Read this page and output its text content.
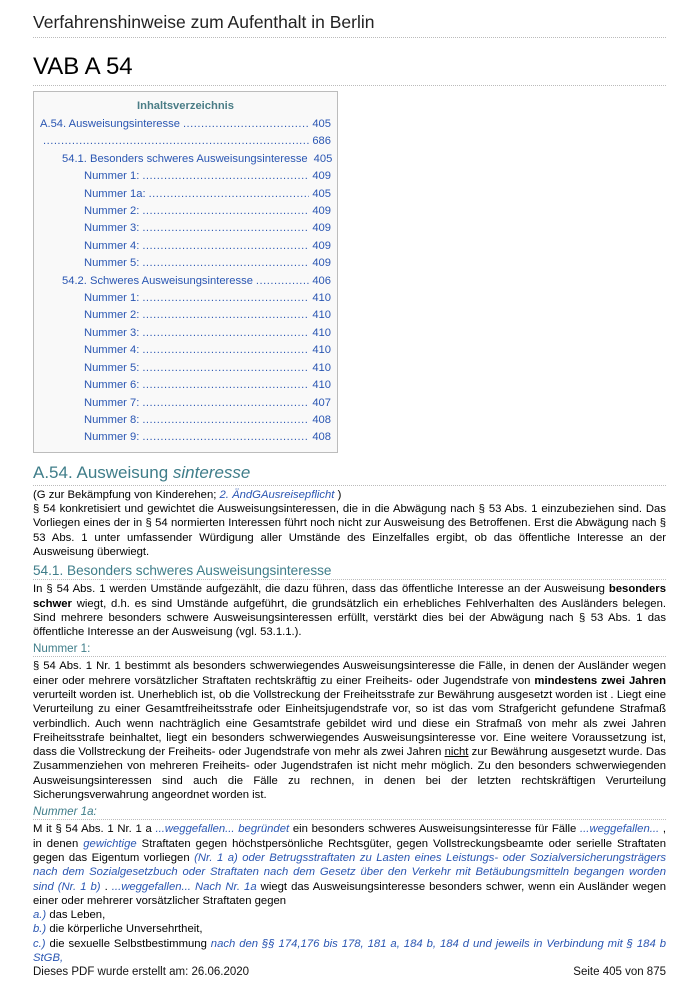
Verfahrenshinweise zum Aufenthalt in Berlin
VAB A 54
Inhaltsverzeichnis
A.54. Ausweisungsinteresse .....	405
.....
686
54.1. Besonders schweres Ausweisungsinteresse 405
Nummer 1: .....	409
Nummer 1a: .....	405
Nummer 2: .....	409
Nummer 3: .....	409
Nummer 4: .....	409
Nummer 5: .....	409
54.2. Schweres Ausweisungsinteresse .....	406
Nummer 1: .....	410
Nummer 2: .....	410
Nummer 3: .....	410
Nummer 4: .....	410
Nummer 5: .....	410
Nummer 6: .....	410
Nummer 7: .....	407
Nummer 8: .....	408
Nummer 9: .....	408
A.54. Ausweisung sinteresse

(G zur Bekämpfung von Kinderehen; 2. ÄndGAusreisepflicht )

§ 54 konkretisiert und gewichtet die Ausweisungsinteressen, die in die Abwägung nach § 53 Abs. 1 einzubeziehen sind. Das Vorliegen eines der in § 54 normierten Interessen führt noch nicht zur Ausweisung des Betroffenen. Erst die Abwägung nach § 53 Abs. 1 unter umfassender Würdigung aller Umstände des Einzelfalles ergibt, ob das öffentliche Interesse an der Ausweisung überwiegt.

54.1. Besonders schweres Ausweisungsinteresse

In § 54 Abs. 1 werden Umstände aufgezählt, die dazu führen, dass das öffentliche Interesse an der Ausweisung besonders schwer wiegt, d.h. es sind Umstände aufgeführt, die grundsätzlich ein erhebliches Fehlverhalten des Ausländers belegen. Sind mehrere besonders schwere Ausweisungsinteressen erfüllt, verstärkt dies bei der Abwägung nach § 53 Abs. 1 das öffentliche Interesse an der Ausweisung (vgl. 53.1.1.).

Nummer 1:

§ 54 Abs. 1 Nr. 1 bestimmt als besonders schwerwiegendes Ausweisungsinteresse die Fälle, in denen der Ausländer wegen einer oder mehrere vorsätzlicher Straftaten rechtskräftig zu einer Freiheits- oder Jugendstrafe von mindestens zwei Jahren verurteilt worden ist. Unerheblich ist, ob die Vollstreckung der Freiheitsstrafe zur Bewährung ausgesetzt worden ist . Liegt eine Verurteilung zu einer Gesamtfreiheitsstrafe oder Einheitsjugendstrafe vor, so ist das vom Strafgericht gefundene Strafmaß verbindlich. Auch wenn nachträglich eine Gesamtstrafe gebildet wird und diese ein Strafmaß von mehr als zwei Jahren Freiheitsstrafe beinhaltet, liegt ein besonders schwerwiegendes Ausweisungsinteresse vor. Eine weitere Voraussetzung ist, dass die Vollstreckung der Freiheits- oder Jugendstrafe von mehr als zwei Jahren nicht zur Bewährung ausgesetzt wurde. Das Zusammenziehen von mehreren Freiheits- oder Jugendstrafen ist nicht mehr möglich. Zu den besonders schwerwiegenden Ausweisungsinteressen sind auch die Fälle zu rechnen, in denen bei der letzten rechtskräftigen Verurteilung Sicherungsverwahrung angeordnet worden ist.

Nummer 1a:

M it § 54 Abs. 1 Nr. 1 a ...weggefallen... begründet ein besonders schweres Ausweisungsinteresse für Fälle ...weggefallen... , in denen gewichtige Straftaten gegen höchstpersönliche Rechtsgüter, gegen Vollstreckungsbeamte oder serielle Straftaten gegen das Eigentum vorliegen (Nr. 1 a) oder Betrugsstraftaten zu Lasten eines Leistungs- oder Sozialversicherungsträgers nach dem Sozialgesetzbuch oder Straftaten nach dem Gesetz über den Verkehr mit Betäubungsmitteln begangen worden sind (Nr. 1 b) . ...weggefallen... Nach Nr. 1a wiegt das Ausweisungsinteresse besonders schwer, wenn ein Ausländer wegen einer oder mehrerer vorsätzlicher Straftaten gegen

a.) das Leben,
b.) die körperliche Unversehrtheit,

c.) die sexuelle Selbstbestimmung nach den §§ 174,176 bis 178, 181 a, 184 b, 184 d und jeweils in Verbindung mit § 184 b StGB,

Dieses PDF wurde erstellt am: 26.06.2020	Seite 405 von 875
